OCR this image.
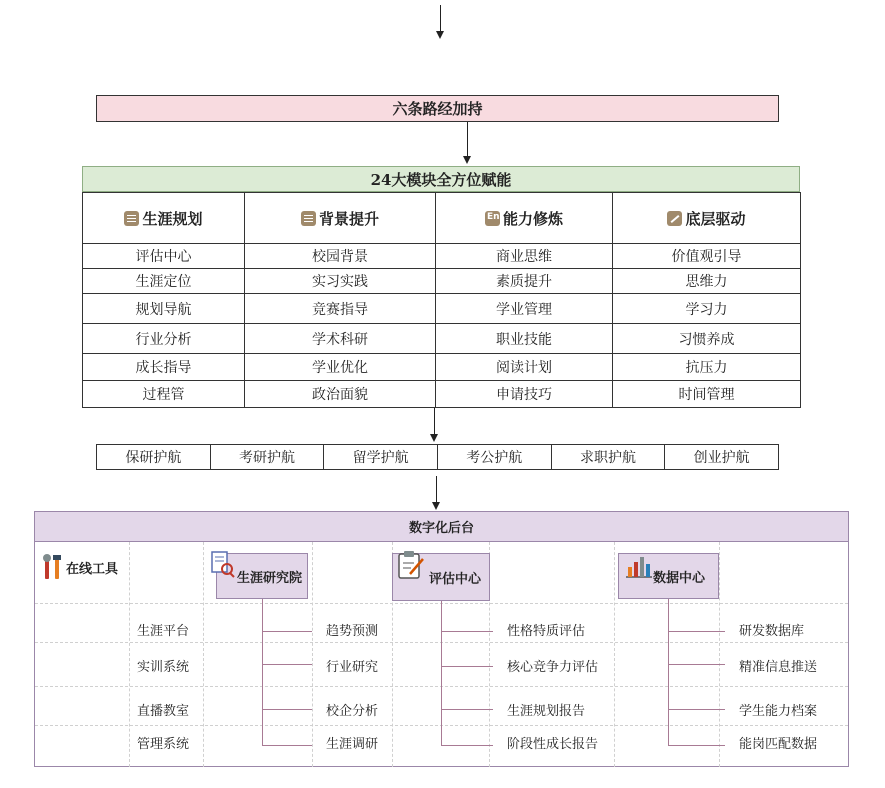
六条路经加持
24大模块全方位赋能
生涯规划	背景提升	En能力修炼	底层驱动
评估中心	校园背景	商业思维	价值观引导
生涯定位	实习实践	素质提升	思维力
规划导航	竞赛指导	学业管理	学习力
行业分析	学术科研	职业技能	习惯养成
成长指导	学业优化	阅读计划	抗压力
过程管	政治面貌	申请技巧	时间管理
保研护航	考研护航	留学护航	考公护航	求职护航	创业护航
数字化后台
在线工具
生涯平台
实训系统
直播教室
管理系统
生涯研究院
趋势预测
行业研究
校企分析
生涯调研
评估中心
性格特质评估
核心竞争力评估
生涯规划报告
阶段性成长报告
数据中心
研发数据库
精准信息推送
学生能力档案
能岗匹配数据
